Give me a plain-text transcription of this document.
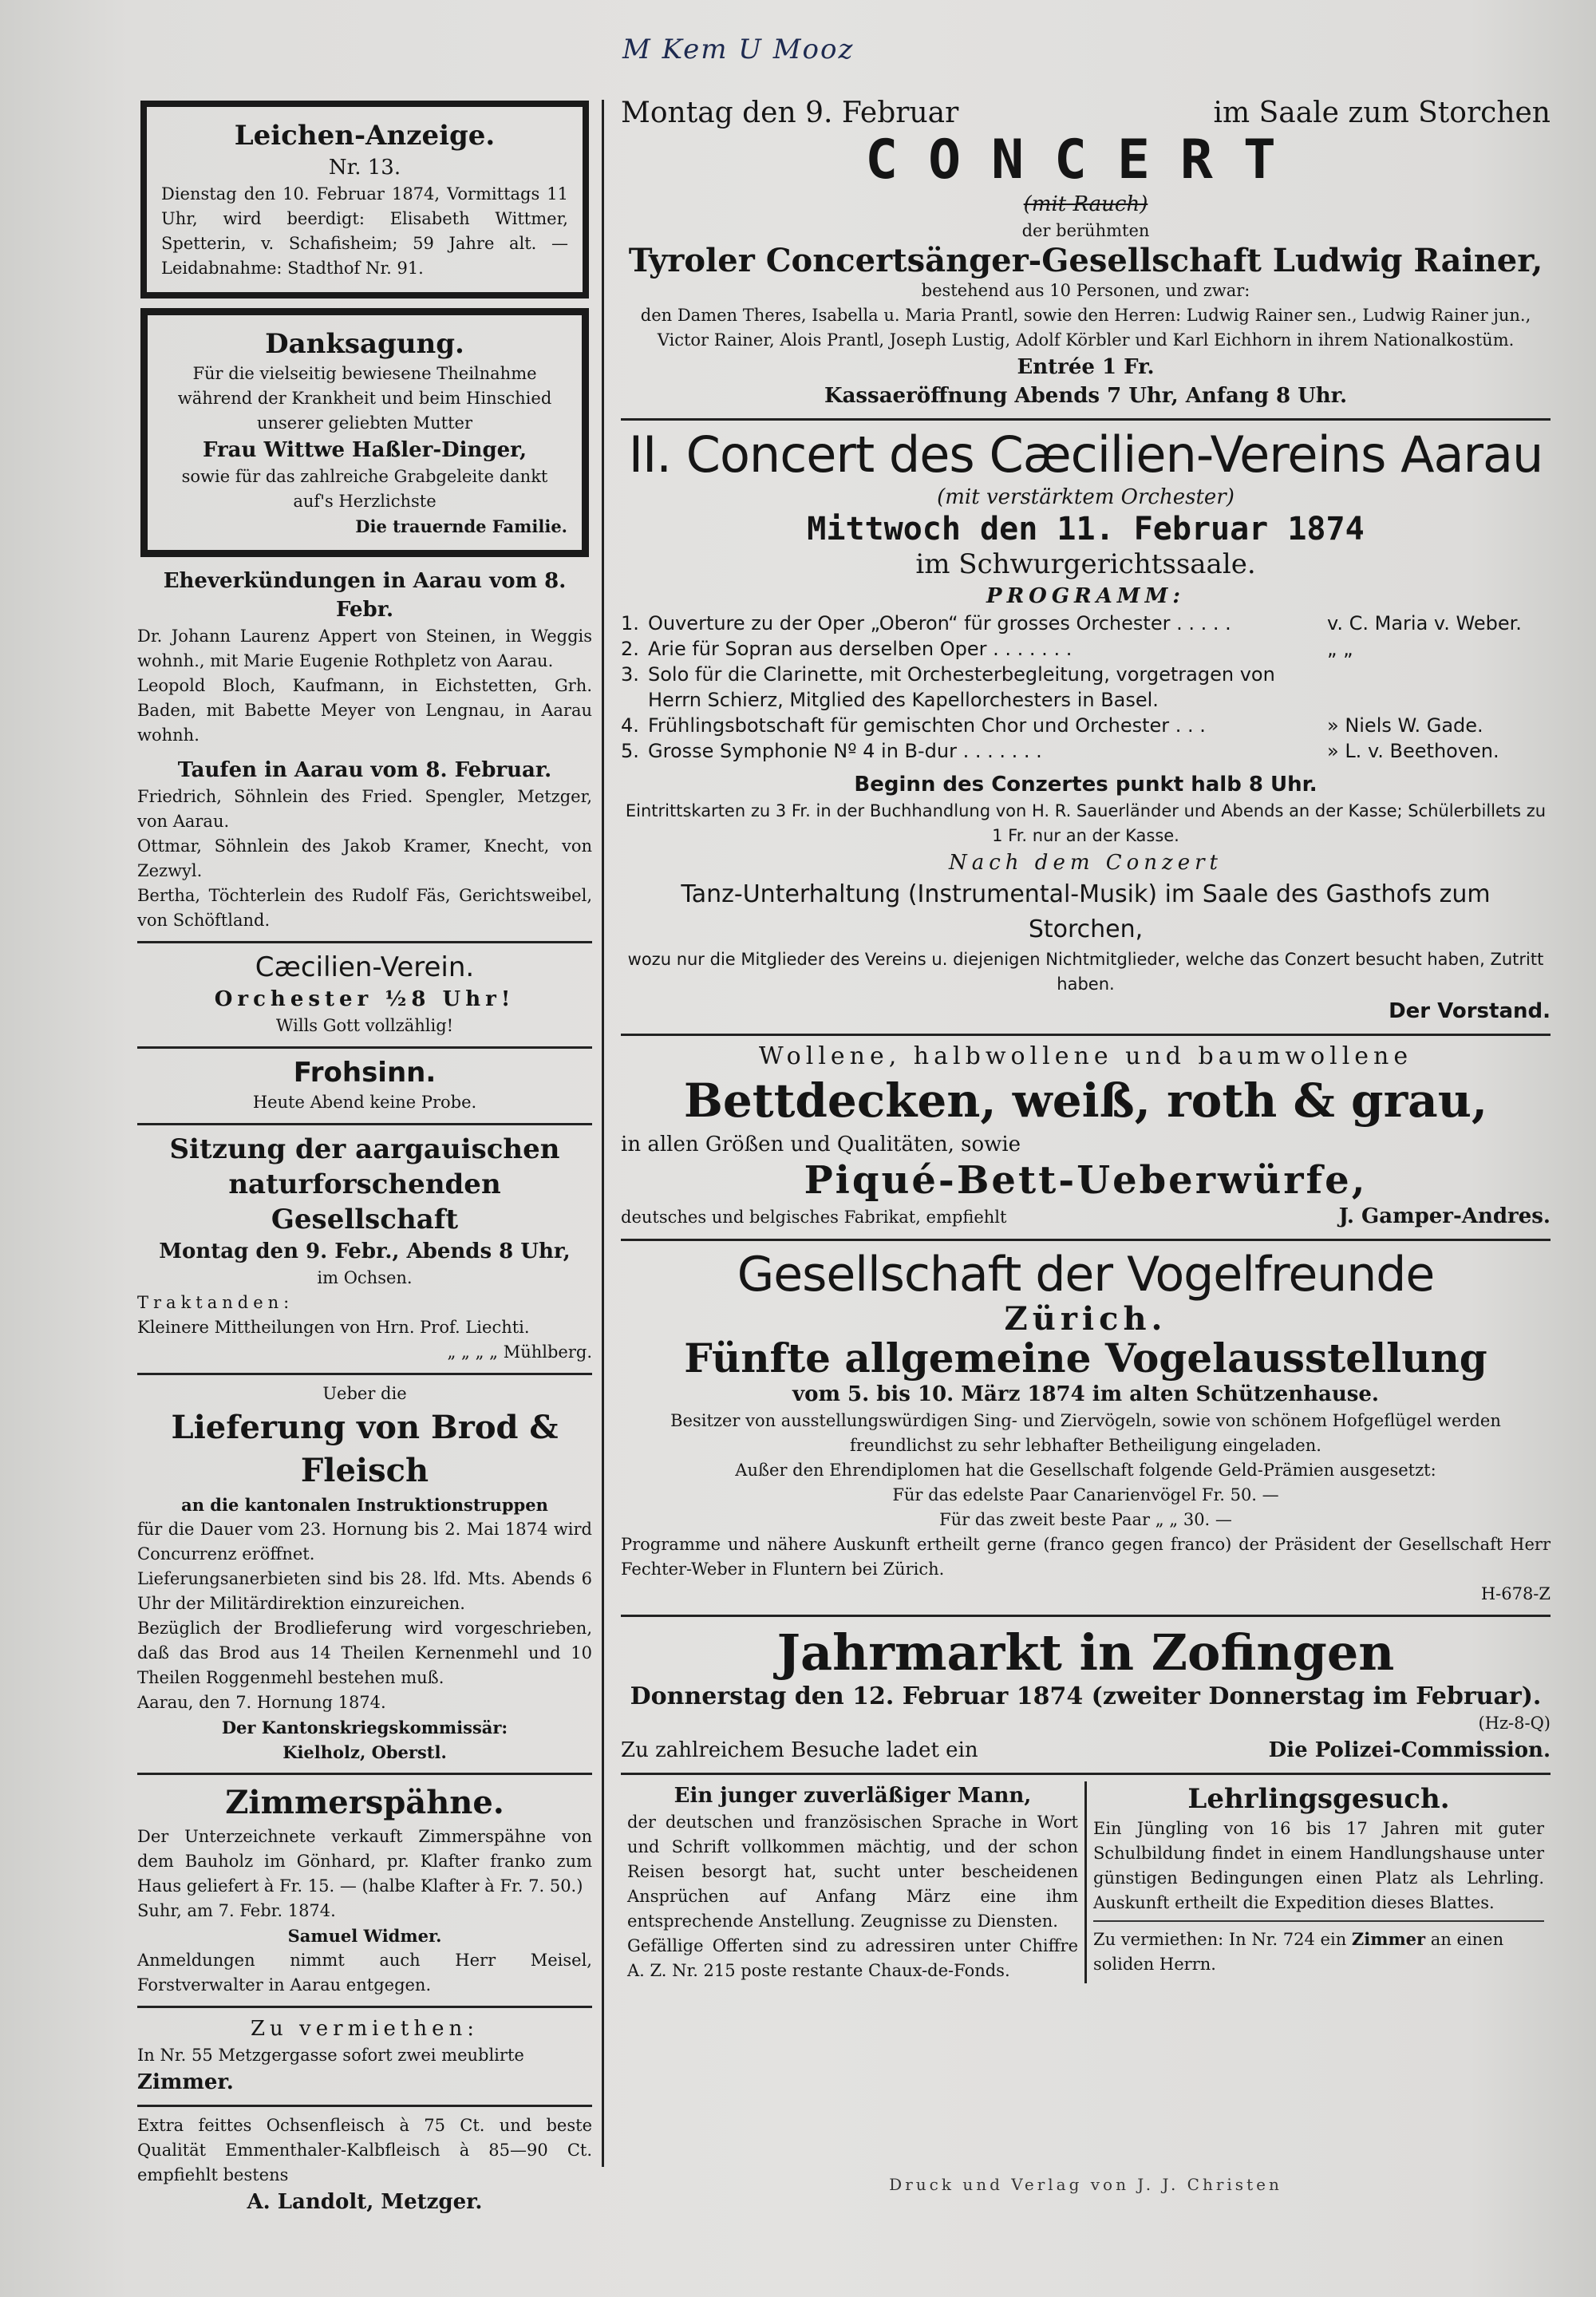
M Kem U Mooz
Leichen-Anzeige.
Nr. 13.
Dienstag den 10. Februar 1874, Vormittags 11 Uhr, wird beerdigt: Elisabeth Wittmer, Spetterin, v. Schafisheim; 59 Jahre alt. — Leidabnahme: Stadthof Nr. 91.
Danksagung.
Für die vielseitig bewiesene Theilnahme während der Krankheit und beim Hinschied unserer geliebten Mutter
Frau Wittwe Haßler-Dinger,
sowie für das zahlreiche Grabgeleite dankt auf's Herzlichste
Die trauernde Familie.
Eheverkündungen in Aarau vom 8. Febr.
Dr. Johann Laurenz Appert von Steinen, in Weggis wohnh., mit Marie Eugenie Rothpletz von Aarau.
Leopold Bloch, Kaufmann, in Eichstetten, Grh. Baden, mit Babette Meyer von Lengnau, in Aarau wohnh.
Taufen in Aarau vom 8. Februar.
Friedrich, Söhnlein des Fried. Spengler, Metzger, von Aarau.
Ottmar, Söhnlein des Jakob Kramer, Knecht, von Zezwyl.
Bertha, Töchterlein des Rudolf Fäs, Gerichtsweibel, von Schöftland.
Cæcilien-Verein.
Orchester ½8 Uhr!
Wills Gott vollzählig!
Frohsinn.
Heute Abend keine Probe.
Sitzung der aargauischen naturforschenden Gesellschaft
Montag den 9. Febr., Abends 8 Uhr,
im Ochsen.
Traktanden:
Kleinere Mittheilungen von Hrn. Prof. Liechti.
„ „ „ „ Mühlberg.
Ueber die
Lieferung von Brod & Fleisch
an die kantonalen Instruktionstruppen
für die Dauer vom 23. Hornung bis 2. Mai 1874 wird Concurrenz eröffnet.
Lieferungsanerbieten sind bis 28. lfd. Mts. Abends 6 Uhr der Militärdirektion einzureichen.
Bezüglich der Brodlieferung wird vorgeschrieben, daß das Brod aus 14 Theilen Kernenmehl und 10 Theilen Roggenmehl bestehen muß.
Aarau, den 7. Hornung 1874.
Der Kantonskriegskommissär:
Kielholz, Oberstl.
Zimmerspähne.
Der Unterzeichnete verkauft Zimmerspähne von dem Bauholz im Gönhard, pr. Klafter franko zum Haus geliefert à Fr. 15. — (halbe Klafter à Fr. 7. 50.)
Suhr, am 7. Febr. 1874.
Samuel Widmer.
Anmeldungen nimmt auch Herr Meisel, Forstverwalter in Aarau entgegen.
Zu vermiethen:
In Nr. 55 Metzgergasse sofort zwei meublirte
Zimmer.
Extra feittes Ochsenfleisch à 75 Ct. und beste Qualität Emmenthaler-Kalbfleisch à 85—90 Ct. empfiehlt bestens
A. Landolt, Metzger.
Montag den 9. Februar	im Saale zum Storchen
CONCERT
(mit Rauch)
der berühmten
Tyroler Concertsänger-Gesellschaft Ludwig Rainer,
bestehend aus 10 Personen, und zwar:
den Damen Theres, Isabella u. Maria Prantl, sowie den Herren: Ludwig Rainer sen., Ludwig Rainer jun., Victor Rainer, Alois Prantl, Joseph Lustig, Adolf Körbler und Karl Eichhorn in ihrem Nationalkostüm.
Entrée 1 Fr.
Kassaeröffnung Abends 7 Uhr, Anfang 8 Uhr.
II. Concert des Cæcilien-Vereins Aarau
(mit verstärktem Orchester)
Mittwoch den 11. Februar 1874
im Schwurgerichtssaale.
PROGRAMM:
1. Ouverture zu der Oper „Oberon“ für grosses Orchester . . . . .	v. C. Maria v. Weber.
2. Arie für Sopran aus derselben Oper . . . . . . .	„ „
3. Solo für die Clarinette, mit Orchesterbegleitung, vorgetragen von Herrn Schierz, Mitglied des Kapellorchesters in Basel.
4. Frühlingsbotschaft für gemischten Chor und Orchester . . .	» Niels W. Gade.
5. Grosse Symphonie Nº 4 in B-dur . . . . . . .	» L. v. Beethoven.
Beginn des Conzertes punkt halb 8 Uhr.
Eintrittskarten zu 3 Fr. in der Buchhandlung von H. R. Sauerländer und Abends an der Kasse; Schülerbillets zu 1 Fr. nur an der Kasse.
Nach dem Conzert
Tanz-Unterhaltung (Instrumental-Musik) im Saale des Gasthofs zum Storchen,
wozu nur die Mitglieder des Vereins u. diejenigen Nichtmitglieder, welche das Conzert besucht haben, Zutritt haben.
Der Vorstand.
Wollene, halbwollene und baumwollene
Bettdecken, weiß, roth & grau,
in allen Größen und Qualitäten, sowie
Piqué-Bett-Ueberwürfe,
deutsches und belgisches Fabrikat, empfiehlt	J. Gamper-Andres.
Gesellschaft der Vogelfreunde
Zürich.
Fünfte allgemeine Vogelausstellung
vom 5. bis 10. März 1874 im alten Schützenhause.
Besitzer von ausstellungswürdigen Sing- und Ziervögeln, sowie von schönem Hofgeflügel werden freundlichst zu sehr lebhafter Betheiligung eingeladen.
Außer den Ehrendiplomen hat die Gesellschaft folgende Geld-Prämien ausgesetzt:
Für das edelste Paar Canarienvögel Fr. 50. —
Für das zweit beste Paar „ „ 30. —
Programme und nähere Auskunft ertheilt gerne (franco gegen franco) der Präsident der Gesellschaft Herr Fechter-Weber in Fluntern bei Zürich.
H-678-Z
Jahrmarkt in Zofingen
Donnerstag den 12. Februar 1874 (zweiter Donnerstag im Februar).
(Hz-8-Q)
Zu zahlreichem Besuche ladet ein	Die Polizei-Commission.
Ein junger zuverläßiger Mann,
der deutschen und französischen Sprache in Wort und Schrift vollkommen mächtig, und der schon Reisen besorgt hat, sucht unter bescheidenen Ansprüchen auf Anfang März eine ihm entsprechende Anstellung. Zeugnisse zu Diensten.
Gefällige Offerten sind zu adressiren unter Chiffre A. Z. Nr. 215 poste restante Chaux-de-Fonds.
Lehrlingsgesuch.
Ein Jüngling von 16 bis 17 Jahren mit guter Schulbildung findet in einem Handlungshause unter günstigen Bedingungen einen Platz als Lehrling. Auskunft ertheilt die Expedition dieses Blattes.
Zu vermiethen: In Nr. 724 ein Zimmer an einen soliden Herrn.
Druck und Verlag von J. J. Christen
